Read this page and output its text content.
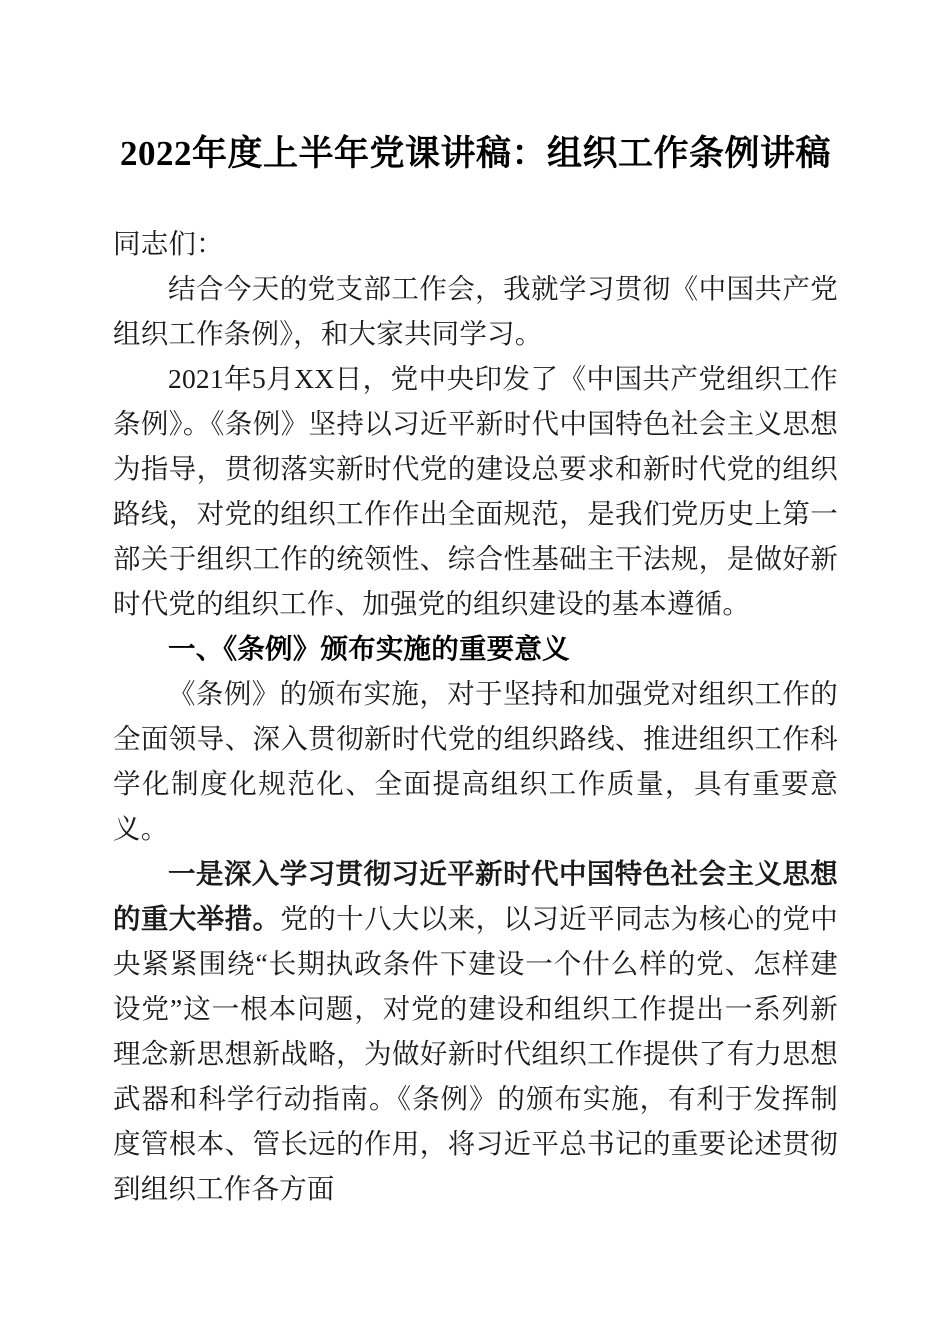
2022年度上半年党课讲稿：组织工作条例讲稿

同志们：

结合今天的党支部工作会，我就学习贯彻《中国共产党组织工作条例》，和大家共同学习。

2021年5月XX日，党中央印发了《中国共产党组织工作条例》。《条例》坚持以习近平新时代中国特色社会主义思想为指导，贯彻落实新时代党的建设总要求和新时代党的组织路线，对党的组织工作作出全面规范，是我们党历史上第一部关于组织工作的统领性、综合性基础主干法规，是做好新时代党的组织工作、加强党的组织建设的基本遵循。

一、《条例》颁布实施的重要意义

《条例》的颁布实施，对于坚持和加强党对组织工作的全面领导、深入贯彻新时代党的组织路线、推进组织工作科学化制度化规范化、全面提高组织工作质量，具有重要意义。

一是深入学习贯彻习近平新时代中国特色社会主义思想的重大举措。党的十八大以来，以习近平同志为核心的党中央紧紧围绕“长期执政条件下建设一个什么样的党、怎样建设党”这一根本问题，对党的建设和组织工作提出一系列新理念新思想新战略，为做好新时代组织工作提供了有力思想武器和科学行动指南。《条例》的颁布实施，有利于发挥制度管根本、管长远的作用，将习近平总书记的重要论述贯彻到组织工作各方面
